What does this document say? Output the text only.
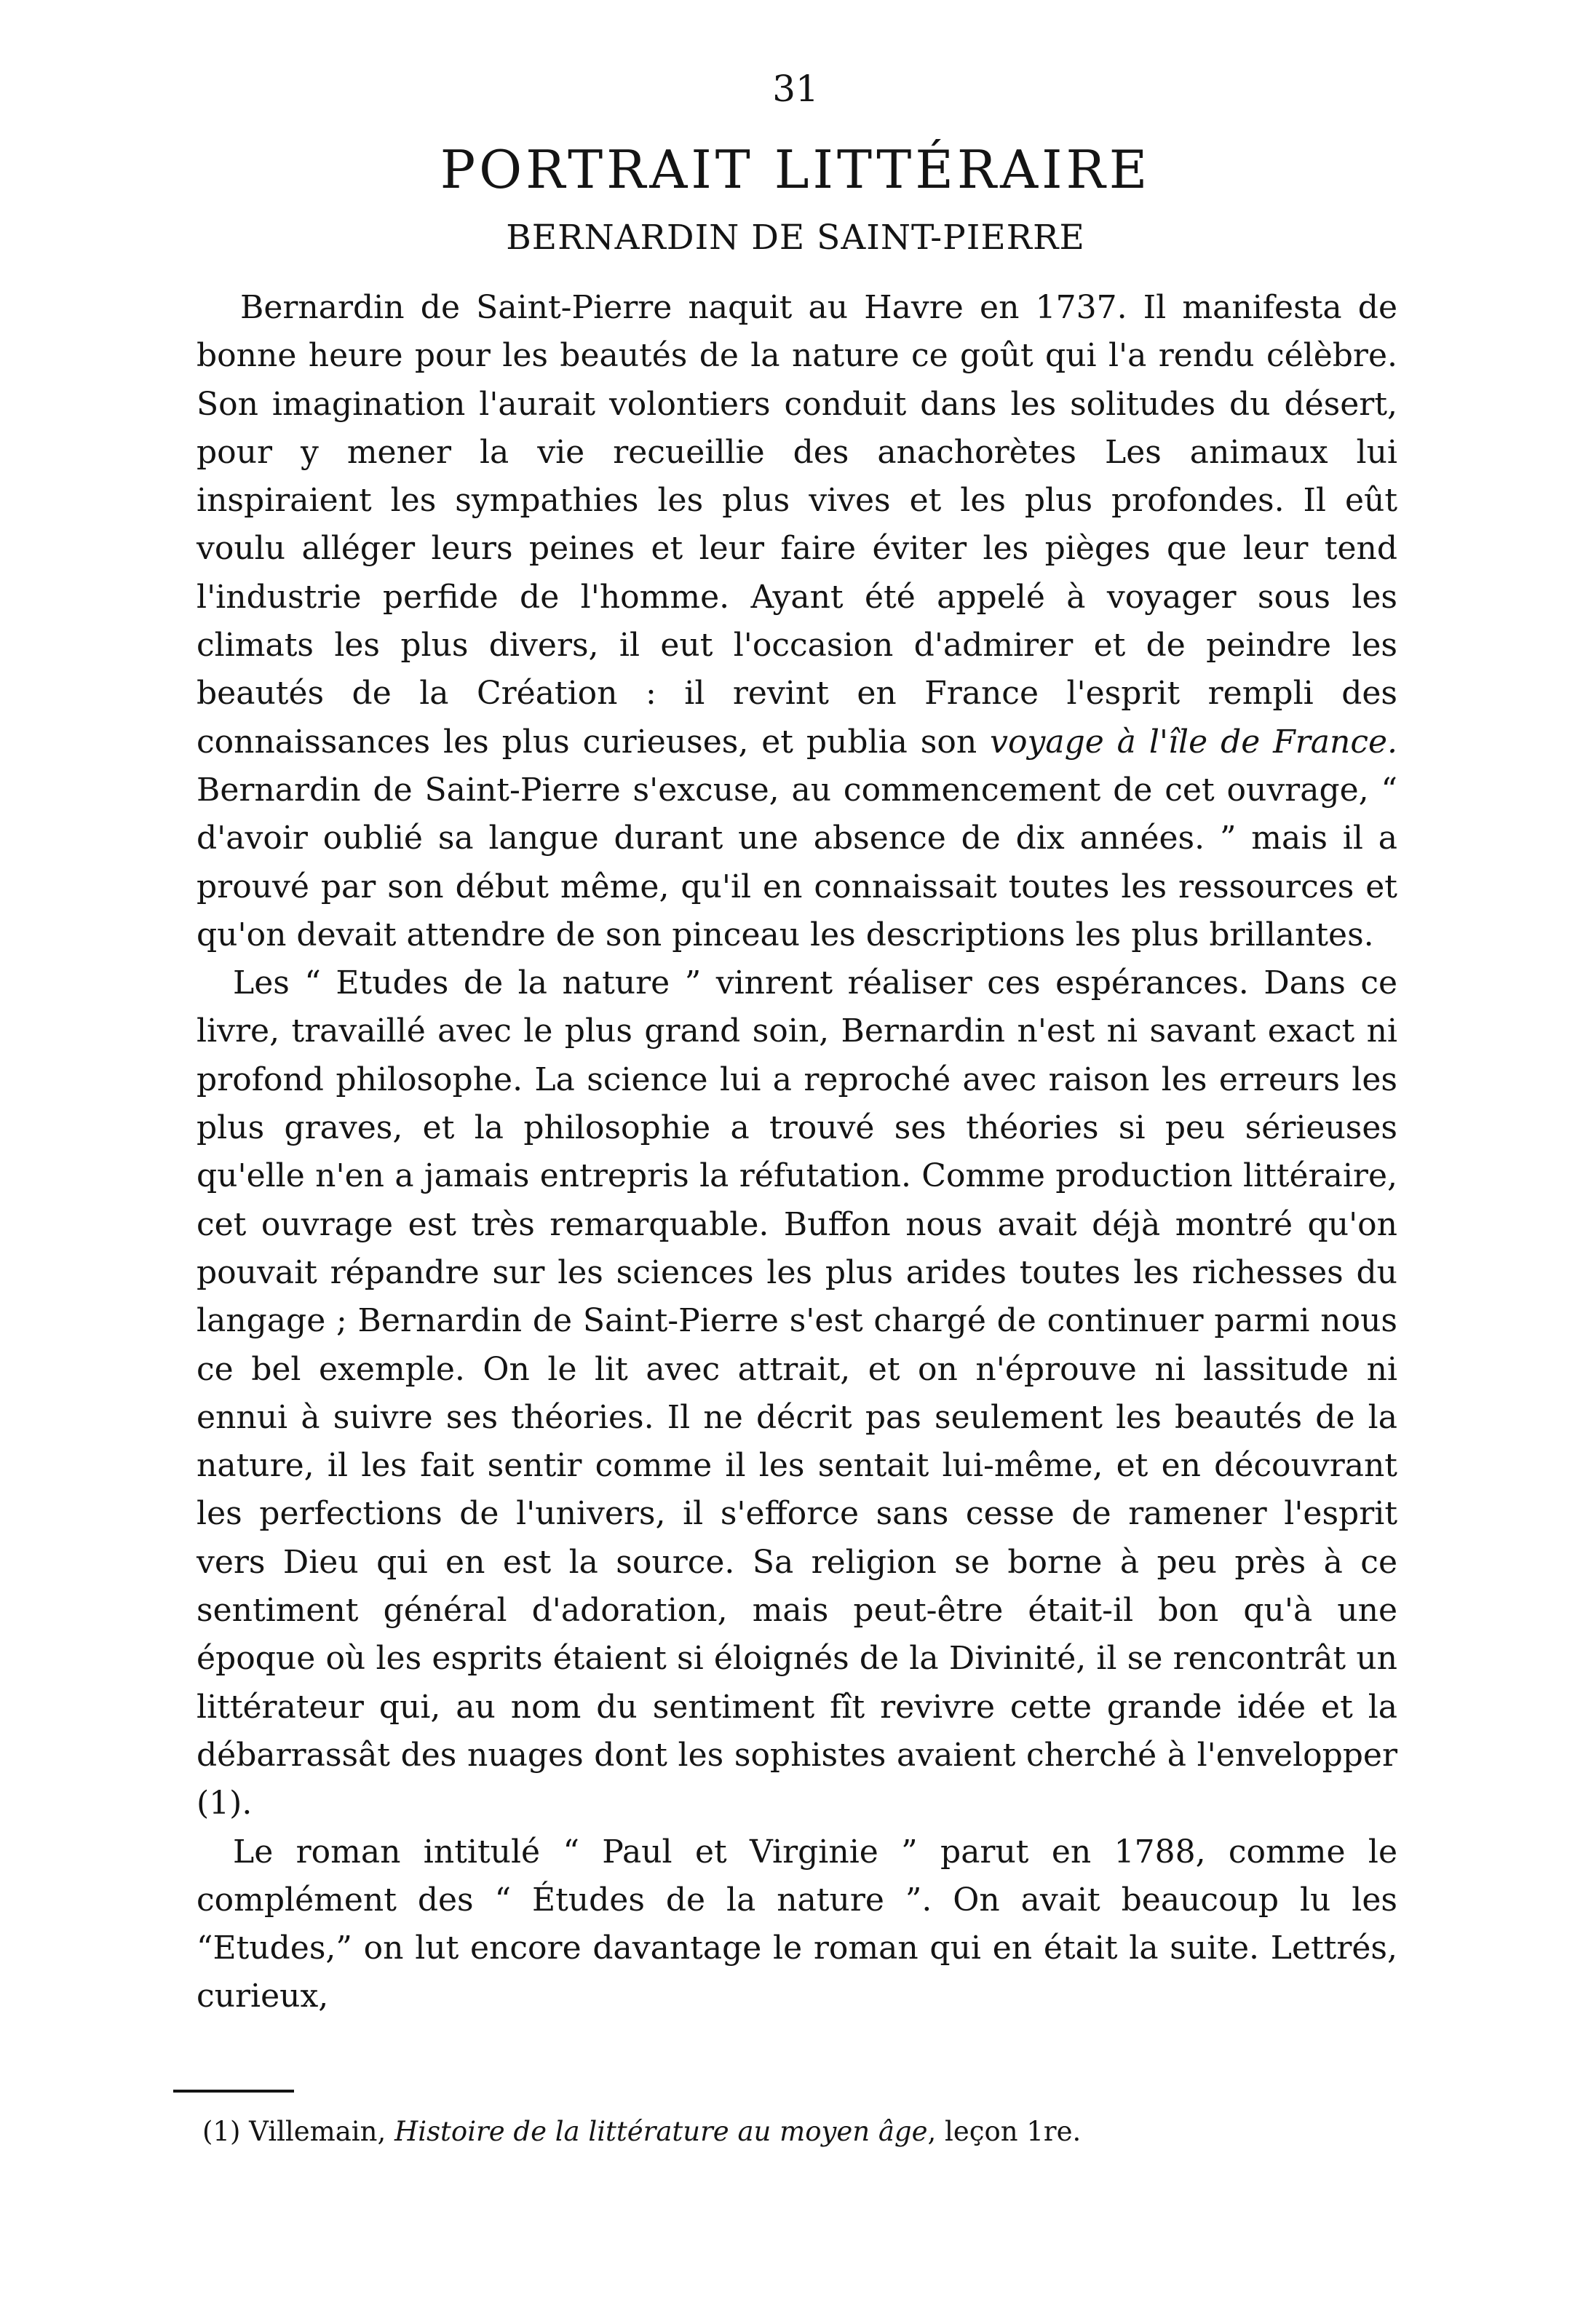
31
PORTRAIT LITTÉRAIRE
BERNARDIN DE SAINT-PIERRE

Bernardin de Saint-Pierre naquit au Havre en 1737. Il manifesta de bonne heure pour les beautés de la nature ce goût qui l'a rendu célèbre. Son imagination l'aurait volontiers conduit dans les solitudes du désert, pour y mener la vie recueillie des anachorètes Les animaux lui inspiraient les sympathies les plus vives et les plus profondes. Il eût voulu alléger leurs peines et leur faire éviter les pièges que leur tend l'industrie perfide de l'homme. Ayant été appelé à voyager sous les climats les plus divers, il eut l'occasion d'admirer et de peindre les beautés de la Création : il revint en France l'esprit rempli des connaissances les plus curieuses, et publia son voyage à l'île de France. Bernardin de Saint-Pierre s'excuse, au commencement de cet ouvrage, “ d'avoir oublié sa langue durant une absence de dix années. ” mais il a prouvé par son début même, qu'il en connaissait toutes les ressources et qu'on devait attendre de son pinceau les descriptions les plus brillantes.

Les “ Etudes de la nature ” vinrent réaliser ces espérances. Dans ce livre, travaillé avec le plus grand soin, Bernardin n'est ni savant exact ni profond philosophe. La science lui a reproché avec raison les erreurs les plus graves, et la philosophie a trouvé ses théories si peu sérieuses qu'elle n'en a jamais entrepris la réfutation. Comme production littéraire, cet ouvrage est très remarquable. Buffon nous avait déjà montré qu'on pouvait répandre sur les sciences les plus arides toutes les richesses du langage ; Bernardin de Saint-Pierre s'est chargé de continuer parmi nous ce bel exemple. On le lit avec attrait, et on n'éprouve ni lassitude ni ennui à suivre ses théories. Il ne décrit pas seulement les beautés de la nature, il les fait sentir comme il les sentait lui-même, et en découvrant les perfections de l'univers, il s'efforce sans cesse de ramener l'esprit vers Dieu qui en est la source. Sa religion se borne à peu près à ce sentiment général d'adoration, mais peut-être était-il bon qu'à une époque où les esprits étaient si éloignés de la Divinité, il se rencontrât un littérateur qui, au nom du sentiment fît revivre cette grande idée et la débarrassât des nuages dont les sophistes avaient cherché à l'envelopper (1).

Le roman intitulé “ Paul et Virginie ” parut en 1788, comme le complément des “ Études de la nature ”. On avait beaucoup lu les “Etudes,” on lut encore davantage le roman qui en était la suite. Lettrés, curieux,

(1) Villemain, Histoire de la littérature au moyen âge, leçon 1re.
